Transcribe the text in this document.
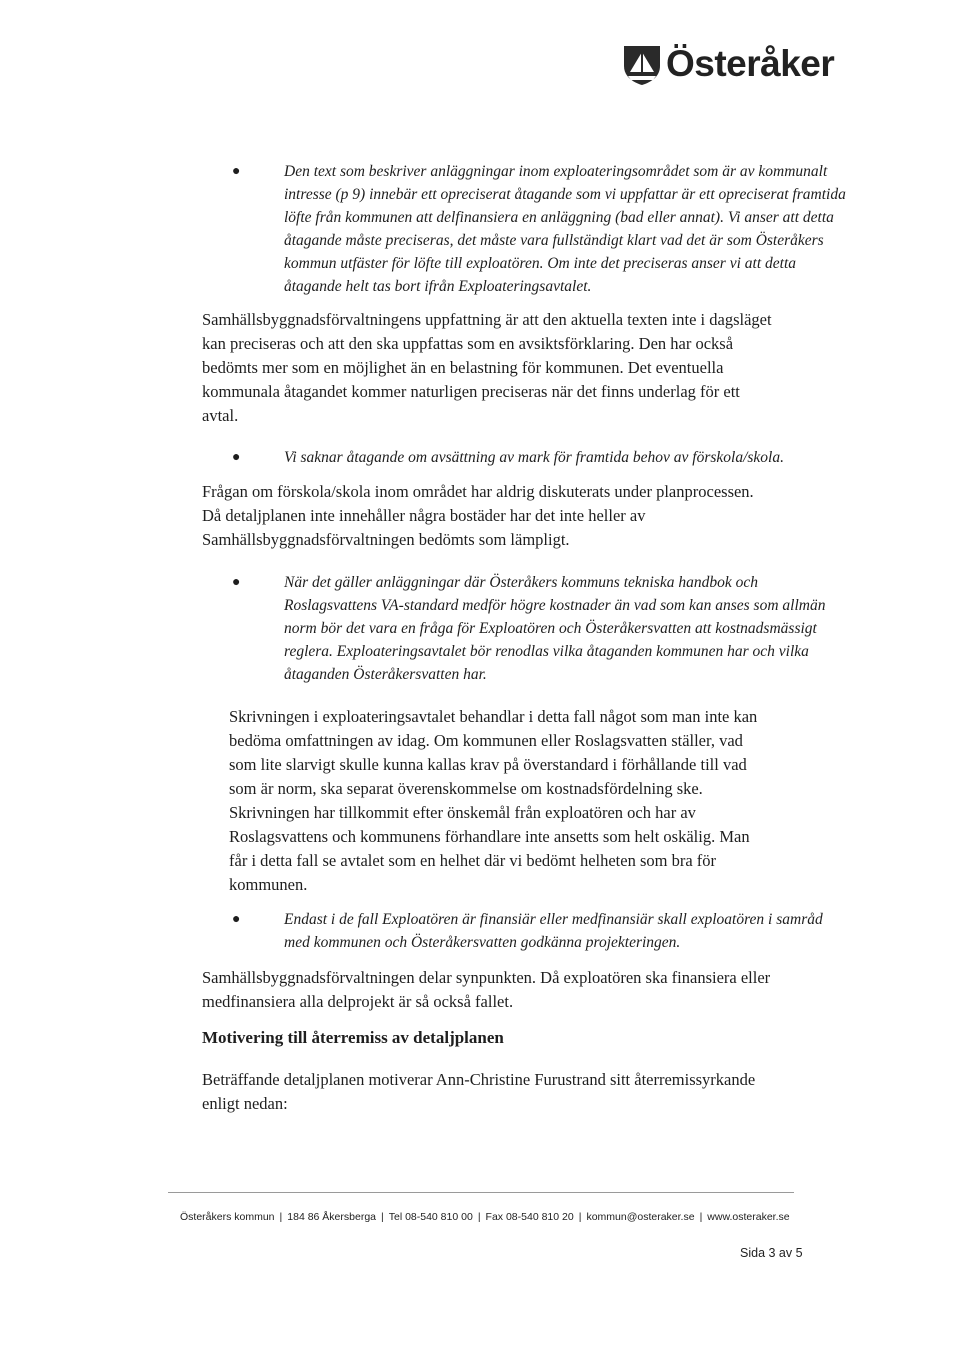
Österåker
●	Den text som beskriver anläggningar inom exploateringsområdet som är av kommunalt
intresse (p 9) innebär ett opreciserat åtagande som vi uppfattar är ett opreciserat framtida
löfte från kommunen att delfinansiera en anläggning (bad eller annat). Vi anser att detta
åtagande måste preciseras, det måste vara fullständigt klart vad det är som Österåkers
kommun utfäster för löfte till exploatören. Om inte det preciseras anser vi att detta
åtagande helt tas bort ifrån Exploateringsavtalet.
Samhällsbyggnadsförvaltningens uppfattning är att den aktuella texten inte i dagsläget
kan preciseras och att den ska uppfattas som en avsiktsförklaring. Den har också
bedömts mer som en möjlighet än en belastning för kommunen. Det eventuella
kommunala åtagandet kommer naturligen preciseras när det finns underlag för ett
avtal.
●	Vi saknar åtagande om avsättning av mark för framtida behov av förskola/skola.
Frågan om förskola/skola inom området har aldrig diskuterats under planprocessen.
Då detaljplanen inte innehåller några bostäder har det inte heller av
Samhällsbyggnadsförvaltningen bedömts som lämpligt.
●	När det gäller anläggningar där Österåkers kommuns tekniska handbok och
Roslagsvattens VA-standard medför högre kostnader än vad som kan anses som allmän
norm bör det vara en fråga för Exploatören och Österåkersvatten att kostnadsmässigt
reglera. Exploateringsavtalet bör renodlas vilka åtaganden kommunen har och vilka
åtaganden Österåkersvatten har.
Skrivningen i exploateringsavtalet behandlar i detta fall något som man inte kan
bedöma omfattningen av idag. Om kommunen eller Roslagsvatten ställer, vad
som lite slarvigt skulle kunna kallas krav på överstandard i förhållande till vad
som är norm, ska separat överenskommelse om kostnadsfördelning ske.
Skrivningen har tillkommit efter önskemål från exploatören och har av
Roslagsvattens och kommunens förhandlare inte ansetts som helt oskälig. Man
får i detta fall se avtalet som en helhet där vi bedömt helheten som bra för
kommunen.
●	Endast i de fall Exploatören är finansiär eller medfinansiär skall exploatören i samråd
med kommunen och Österåkersvatten godkänna projekteringen.
Samhällsbyggnadsförvaltningen delar synpunkten. Då exploatören ska finansiera eller
medfinansiera alla delprojekt är så också fallet.

Motivering till återremiss av detaljplanen

Beträffande detaljplanen motiverar Ann-Christine Furustrand sitt återremissyrkande
enligt nedan:
Österåkers kommun | 184 86 Åkersberga | Tel 08-540 810 00 | Fax 08-540 810 20 | kommun@osteraker.se | www.osteraker.se
Sida 3 av 5
